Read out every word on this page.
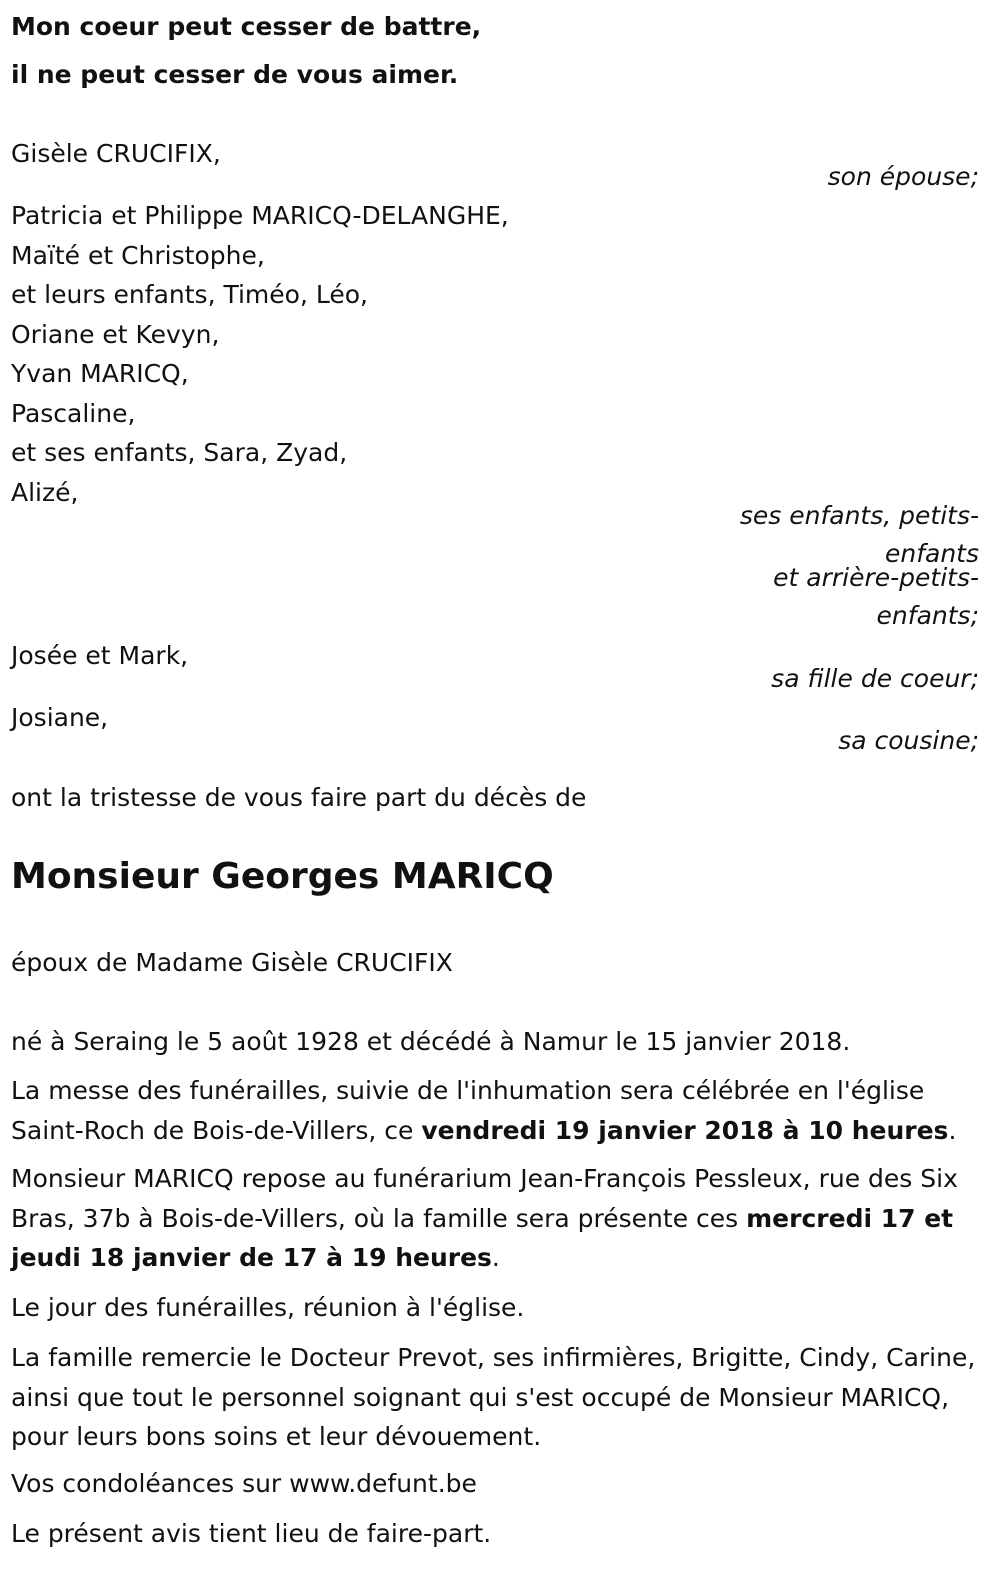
Mon coeur peut cesser de battre,

il ne peut cesser de vous aimer.

Gisèle CRUCIFIX,

son épouse;

Patricia et Philippe MARICQ-DELANGHE,
Maïté et Christophe,
et leurs enfants, Timéo, Léo,
Oriane et Kevyn,
Yvan MARICQ,
Pascaline,
et ses enfants, Sara, Zyad,
Alizé,

ses enfants, petits-

enfants

et arrière-petits-

enfants;

Josée et Mark,

sa fille de coeur;

Josiane,

sa cousine;

ont la tristesse de vous faire part du décès de

Monsieur Georges MARICQ

époux de Madame Gisèle CRUCIFIX

né à Seraing le 5 août 1928 et décédé à Namur le 15 janvier 2018.

La messe des funérailles, suivie de l'inhumation sera célébrée en l'église Saint-Roch de Bois-de-Villers, ce vendredi 19 janvier 2018 à 10 heures.

Monsieur MARICQ repose au funérarium Jean-François Pessleux, rue des Six Bras, 37b à Bois-de-Villers, où la famille sera présente ces mercredi 17 et jeudi 18 janvier de 17 à 19 heures.

Le jour des funérailles, réunion à l'église.

La famille remercie le Docteur Prevot, ses infirmières, Brigitte, Cindy, Carine, ainsi que tout le personnel soignant qui s'est occupé de Monsieur MARICQ, pour leurs bons soins et leur dévouement.

Vos condoléances sur www.defunt.be

Le présent avis tient lieu de faire-part.
